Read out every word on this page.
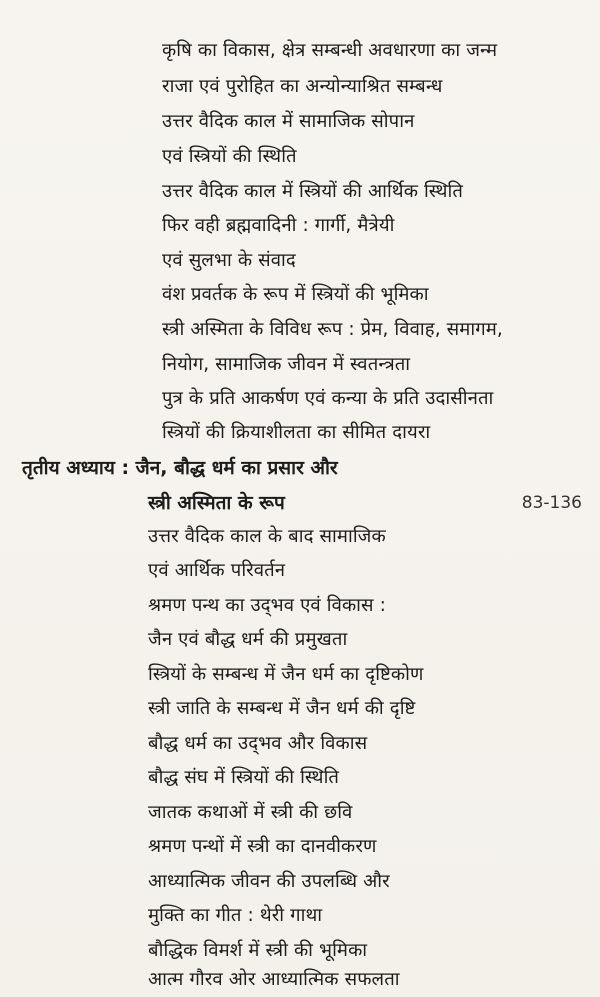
कृषि का विकास, क्षेत्र सम्बन्धी अवधारणा का जन्म
राजा एवं पुरोहित का अन्योन्याश्रित सम्बन्ध
उत्तर वैदिक काल में सामाजिक सोपान
एवं स्त्रियों की स्थिति
उत्तर वैदिक काल में स्त्रियों की आर्थिक स्थिति
फिर वही ब्रह्मवादिनी : गार्गी, मैत्रेयी
एवं सुलभा के संवाद
वंश प्रवर्तक के रूप में स्त्रियों की भूमिका
स्त्री अस्मिता के विविध रूप : प्रेम, विवाह, समागम,
नियोग, सामाजिक जीवन में स्वतन्त्रता
पुत्र के प्रति आकर्षण एवं कन्या के प्रति उदासीनता
स्त्रियों की क्रियाशीलता का सीमित दायरा
तृतीय अध्याय : जैन, बौद्ध धर्म का प्रसार और
स्त्री अस्मिता के रूप	83-136
उत्तर वैदिक काल के बाद सामाजिक
एवं आर्थिक परिवर्तन
श्रमण पन्थ का उद्‌भव एवं विकास :
जैन एवं बौद्ध धर्म की प्रमुखता
स्त्रियों के सम्बन्ध में जैन धर्म का दृष्टिकोण
स्त्री जाति के सम्बन्ध में जैन धर्म की दृष्टि
बौद्ध धर्म का उद्‌भव और विकास
बौद्ध संघ में स्त्रियों की स्थिति
जातक कथाओं में स्त्री की छवि
श्रमण पन्थों में स्त्री का दानवीकरण
आध्यात्मिक जीवन की उपलब्धि और
मुक्ति का गीत : थेरी गाथा
बौद्धिक विमर्श में स्त्री की भूमिका
आत्म गौरव ओर आध्यात्मिक सफलता
